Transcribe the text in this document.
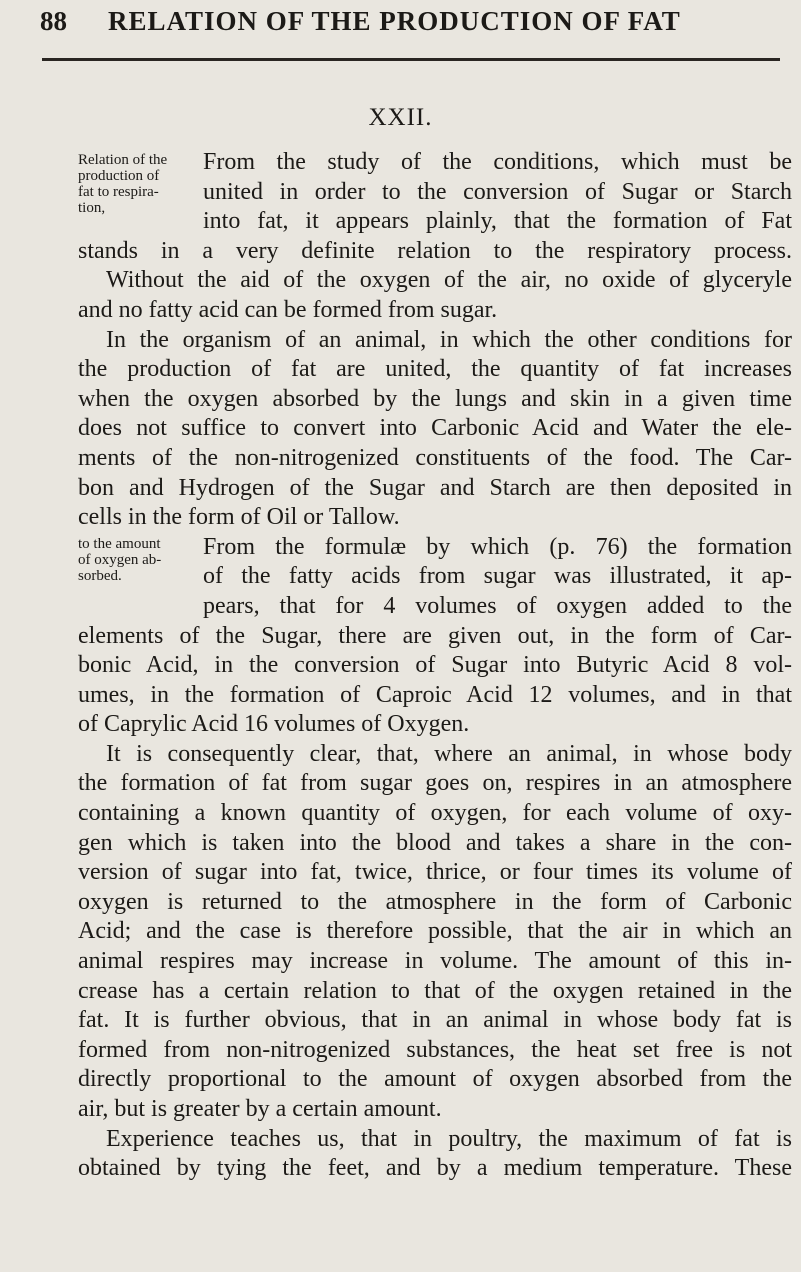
88 RELATION OF THE PRODUCTION OF FAT
XXII.
Relation of the
production of
fat to respira-
tion,
to the amount
of oxygen ab-
sorbed.
From the study of the conditions, which must be
united in order to the conversion of Sugar or Starch
into fat, it appears plainly, that the formation of Fat
stands in a very definite relation to the respiratory process.
Without the aid of the oxygen of the air, no oxide of glyceryle
and no fatty acid can be formed from sugar.
In the organism of an animal, in which the other conditions for
the production of fat are united, the quantity of fat increases
when the oxygen absorbed by the lungs and skin in a given time
does not suffice to convert into Carbonic Acid and Water the ele-
ments of the non-nitrogenized constituents of the food. The Car-
bon and Hydrogen of the Sugar and Starch are then deposited in
cells in the form of Oil or Tallow.
From the formulæ by which (p. 76) the formation
of the fatty acids from sugar was illustrated, it ap-
pears, that for 4 volumes of oxygen added to the
elements of the Sugar, there are given out, in the form of Car-
bonic Acid, in the conversion of Sugar into Butyric Acid 8 vol-
umes, in the formation of Caproic Acid 12 volumes, and in that
of Caprylic Acid 16 volumes of Oxygen.
It is consequently clear, that, where an animal, in whose body
the formation of fat from sugar goes on, respires in an atmosphere
containing a known quantity of oxygen, for each volume of oxy-
gen which is taken into the blood and takes a share in the con-
version of sugar into fat, twice, thrice, or four times its volume of
oxygen is returned to the atmosphere in the form of Carbonic
Acid; and the case is therefore possible, that the air in which an
animal respires may increase in volume. The amount of this in-
crease has a certain relation to that of the oxygen retained in the
fat. It is further obvious, that in an animal in whose body fat is
formed from non-nitrogenized substances, the heat set free is not
directly proportional to the amount of oxygen absorbed from the
air, but is greater by a certain amount.
Experience teaches us, that in poultry, the maximum of fat is
obtained by tying the feet, and by a medium temperature. These
